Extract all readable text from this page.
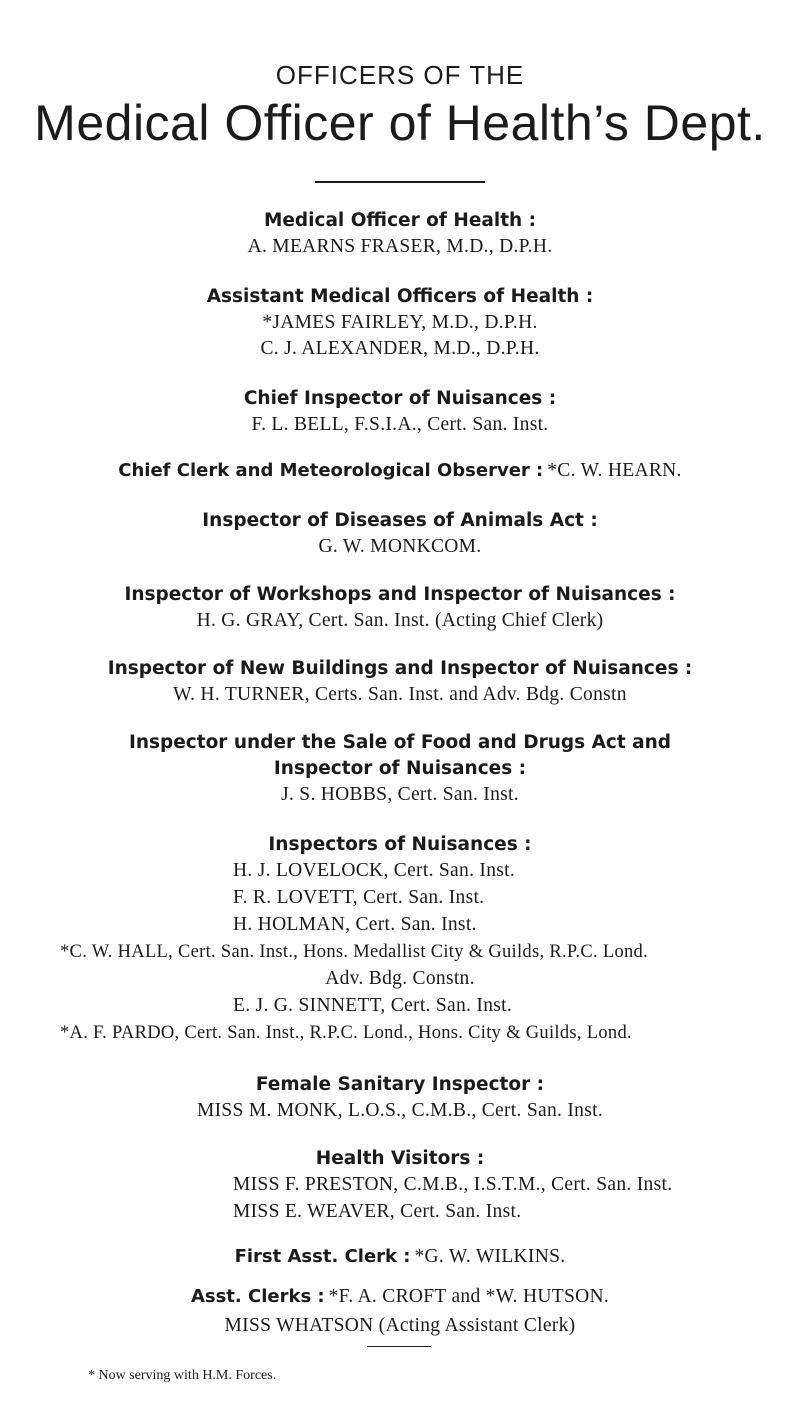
OFFICERS OF THE
Medical Officer of Health’s Dept.
Medical Officer of Health :
A. MEARNS FRASER, M.D., D.P.H.
Assistant Medical Officers of Health :
*JAMES FAIRLEY, M.D., D.P.H.
C. J. ALEXANDER, M.D., D.P.H.
Chief Inspector of Nuisances :
F. L. BELL, F.S.I.A., Cert. San. Inst.
Chief Clerk and Meteorological Observer : *C. W. HEARN.
Inspector of Diseases of Animals Act :
G. W. MONKCOM.
Inspector of Workshops and Inspector of Nuisances :
H. G. GRAY, Cert. San. Inst. (Acting Chief Clerk)
Inspector of New Buildings and Inspector of Nuisances :
W. H. TURNER, Certs. San. Inst. and Adv. Bdg. Constn
Inspector under the Sale of Food and Drugs Act and
Inspector of Nuisances :
J. S. HOBBS, Cert. San. Inst.
Inspectors of Nuisances :
H. J. LOVELOCK, Cert. San. Inst.
F. R. LOVETT, Cert. San. Inst.
H. HOLMAN, Cert. San. Inst.
*C. W. HALL, Cert. San. Inst., Hons. Medallist City & Guilds, R.P.C. Lond.
Adv. Bdg. Constn.
E. J. G. SINNETT, Cert. San. Inst.
*A. F. PARDO, Cert. San. Inst., R.P.C. Lond., Hons. City & Guilds, Lond.
Female Sanitary Inspector :
MISS M. MONK, L.O.S., C.M.B., Cert. San. Inst.
Health Visitors :
MISS F. PRESTON, C.M.B., I.S.T.M., Cert. San. Inst.
MISS E. WEAVER, Cert. San. Inst.
First Asst. Clerk : *G. W. WILKINS.
Asst. Clerks : *F. A. CROFT and *W. HUTSON.
MISS WHATSON (Acting Assistant Clerk)
* Now serving with H.M. Forces.
